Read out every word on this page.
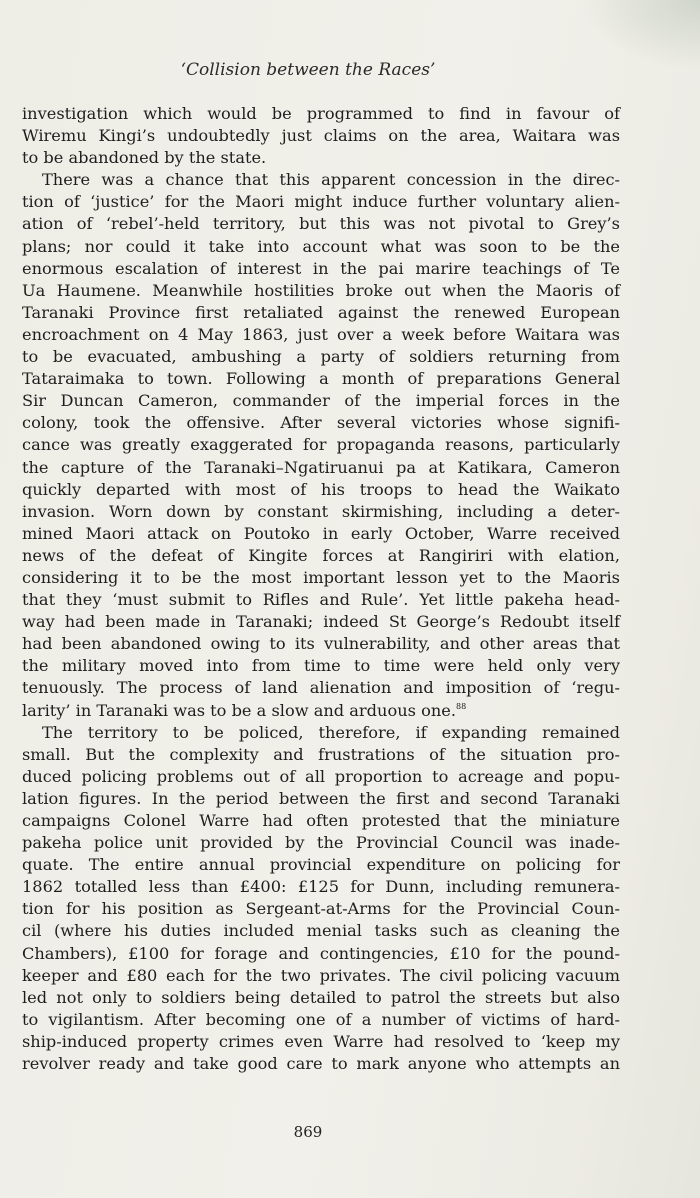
‘Collision between the Races’
investigation which would be programmed to find in favour of
Wiremu Kingi’s undoubtedly just claims on the area, Waitara was
to be abandoned by the state.
There was a chance that this apparent concession in the direc-
tion of ‘justice’ for the Maori might induce further voluntary alien-
ation of ‘rebel’-held territory, but this was not pivotal to Grey’s
plans; nor could it take into account what was soon to be the
enormous escalation of interest in the pai marire teachings of Te
Ua Haumene. Meanwhile hostilities broke out when the Maoris of
Taranaki Province first retaliated against the renewed European
encroachment on 4 May 1863, just over a week before Waitara was
to be evacuated, ambushing a party of soldiers returning from
Tataraimaka to town. Following a month of preparations General
Sir Duncan Cameron, commander of the imperial forces in the
colony, took the offensive. After several victories whose signifi-
cance was greatly exaggerated for propaganda reasons, particularly
the capture of the Taranaki–Ngatiruanui pa at Katikara, Cameron
quickly departed with most of his troops to head the Waikato
invasion. Worn down by constant skirmishing, including a deter-
mined Maori attack on Poutoko in early October, Warre received
news of the defeat of Kingite forces at Rangiriri with elation,
considering it to be the most important lesson yet to the Maoris
that they ‘must submit to Rifles and Rule’. Yet little pakeha head-
way had been made in Taranaki; indeed St George’s Redoubt itself
had been abandoned owing to its vulnerability, and other areas that
the military moved into from time to time were held only very
tenuously. The process of land alienation and imposition of ‘regu-
larity’ in Taranaki was to be a slow and arduous one.$^{88}$
The territory to be policed, therefore, if expanding remained
small. But the complexity and frustrations of the situation pro-
duced policing problems out of all proportion to acreage and popu-
lation figures. In the period between the first and second Taranaki
campaigns Colonel Warre had often protested that the miniature
pakeha police unit provided by the Provincial Council was inade-
quate. The entire annual provincial expenditure on policing for
1862 totalled less than £400: £125 for Dunn, including remunera-
tion for his position as Sergeant-at-Arms for the Provincial Coun-
cil (where his duties included menial tasks such as cleaning the
Chambers), £100 for forage and contingencies, £10 for the pound-
keeper and £80 each for the two privates. The civil policing vacuum
led not only to soldiers being detailed to patrol the streets but also
to vigilantism. After becoming one of a number of victims of hard-
ship-induced property crimes even Warre had resolved to ‘keep my
revolver ready and take good care to mark anyone who attempts an
869
